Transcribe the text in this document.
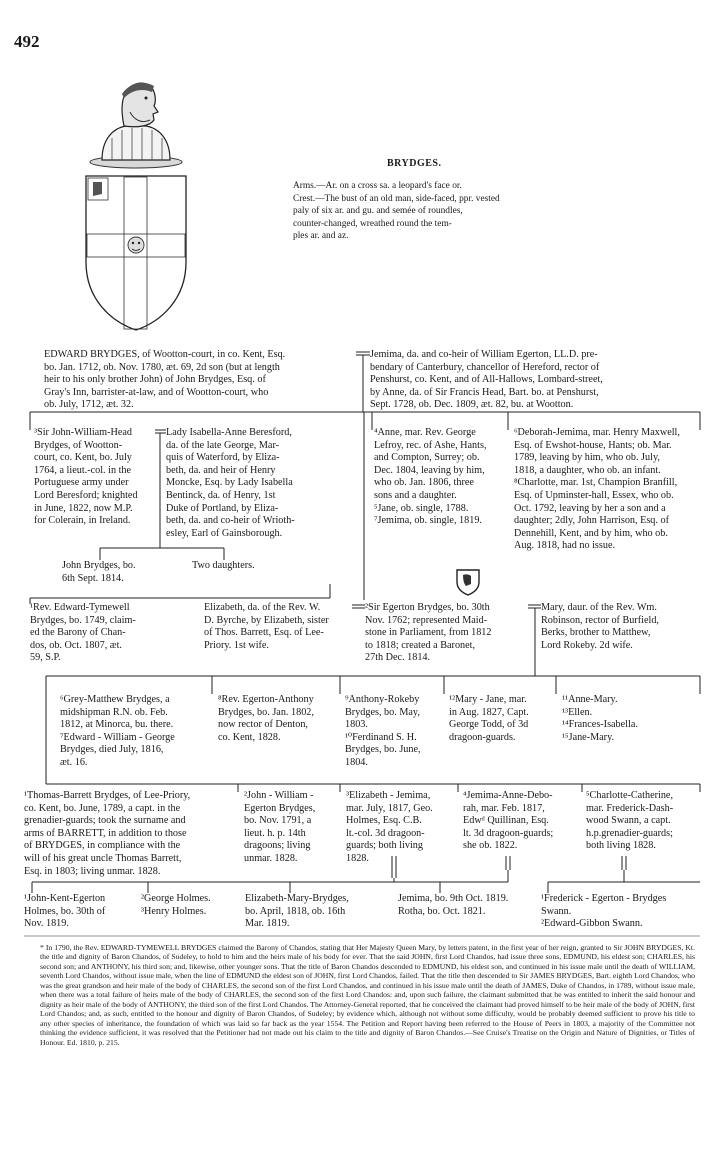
492
BRYDGES.
Arms.—Ar. on a cross sa. a leopard's face or.
Crest.—The bust of an old man, side-faced, ppr. vested
paly of six ar. and gu. and semée of roundles,
counter-changed, wreathed round the tem-
ples ar. and az.
EDWARD BRYDGES, of Wootton-court, in co. Kent, Esq.
bo. Jan. 1712, ob. Nov. 1780, æt. 69, 2d son (but at length
heir to his only brother John) of John Brydges, Esq. of
Gray's Inn, barrister-at-law, and of Wootton-court, who
ob. July, 1712, æt. 32.
Jemima, da. and co-heir of William Egerton, LL.D. pre-
bendary of Canterbury, chancellor of Hereford, rector of
Penshurst, co. Kent, and of All-Hallows, Lombard-street,
by Anne, da. of Sir Francis Head, Bart. bo. at Penshurst,
Sept. 1728, ob. Dec. 1809, æt. 82, bu. at Wootton.
³Sir John-William-Head
Brydges, of Wootton-
court, co. Kent, bo. July
1764, a lieut.-col. in the
Portuguese army under
Lord Beresford; knighted
in June, 1822, now M.P.
for Colerain, in Ireland.
Lady Isabella-Anne Beresford,
da. of the late George, Mar-
quis of Waterford, by Eliza-
beth, da. and heir of Henry
Moncke, Esq. by Lady Isabella
Bentinck, da. of Henry, 1st
Duke of Portland, by Eliza-
beth, da. and co-heir of Wrioth-
esley, Earl of Gainsborough.
⁴Anne, mar. Rev. George
Lefroy, rec. of Ashe, Hants,
and Compton, Surrey; ob.
Dec. 1804, leaving by him,
who ob. Jan. 1806, three
sons and a daughter.
⁵Jane, ob. single, 1788.
⁷Jemima, ob. single, 1819.
⁶Deborah-Jemima, mar. Henry Maxwell,
Esq. of Ewshot-house, Hants; ob. Mar.
1789, leaving by him, who ob. July,
1818, a daughter, who ob. an infant.
⁸Charlotte, mar. 1st, Champion Branfill,
Esq. of Upminster-hall, Essex, who ob.
Oct. 1792, leaving by her a son and a
daughter; 2dly, John Harrison, Esq. of
Dennehill, Kent, and by him, who ob.
Aug. 1818, had no issue.
John Brydges, bo.
6th Sept. 1814.
Two daughters.
¹Rev. Edward-Tymewell
Brydges, bo. 1749, claim-
ed the Barony of Chan-
dos, ob. Oct. 1807, æt.
59, S.P.
Elizabeth, da. of the Rev. W.
D. Byrche, by Elizabeth, sister
of Thos. Barrett, Esq. of Lee-
Priory. 1st wife.
²Sir Egerton Brydges, bo. 30th
Nov. 1762; represented Maid-
stone in Parliament, from 1812
to 1818; created a Baronet,
27th Dec. 1814.
Mary, daur. of the Rev. Wm.
Robinson, rector of Burfield,
Berks, brother to Matthew,
Lord Rokeby. 2d wife.
⁶Grey-Matthew Brydges, a
midshipman R.N. ob. Feb.
1812, at Minorca, bu. there.
⁷Edward - William - George
Brydges, died July, 1816,
æt. 16.
⁸Rev. Egerton-Anthony
Brydges, bo. Jan. 1802,
now rector of Denton,
co. Kent, 1828.
⁹Anthony-Rokeby
Brydges, bo. May,
1803.
¹⁰Ferdinand S. H.
Brydges, bo. June,
1804.
¹²Mary - Jane, mar.
in Aug. 1827, Capt.
George Todd, of 3d
dragoon-guards.
¹¹Anne-Mary.
¹³Ellen.
¹⁴Frances-Isabella.
¹⁵Jane-Mary.
¹Thomas-Barrett Brydges, of Lee-Priory,
co. Kent, bo. June, 1789, a capt. in the
grenadier-guards; took the surname and
arms of BARRETT, in addition to those
of BRYDGES, in compliance with the
will of his great uncle Thomas Barrett,
Esq. in 1803; living unmar. 1828.
²John - William -
Egerton Brydges,
bo. Nov. 1791, a
lieut. h. p. 14th
dragoons; living
unmar. 1828.
³Elizabeth - Jemima,
mar. July, 1817, Geo.
Holmes, Esq. C.B.
lt.-col. 3d dragoon-
guards; both living
1828.
⁴Jemima-Anne-Debo-
rah, mar. Feb. 1817,
Edwᵈ Quillinan, Esq.
lt. 3d dragoon-guards;
she ob. 1822.
⁵Charlotte-Catherine,
mar. Frederick-Dash-
wood Swann, a capt.
h.p.grenadier-guards;
both living 1828.
¹John-Kent-Egerton
Holmes, bo. 30th of
Nov. 1819.
²George Holmes.
³Henry Holmes.
Elizabeth-Mary-Brydges,
bo. April, 1818, ob. 16th
Mar. 1819.
Jemima, bo. 9th Oct. 1819.
Rotha, bo. Oct. 1821.
¹Frederick - Egerton - Brydges
Swann.
²Edward-Gibbon Swann.
* In 1790, the Rev. EDWARD-TYMEWELL BRYDGES claimed the Barony of Chandos, stating that Her Majesty Queen Mary, by letters patent, in the first year of her reign, granted to Sir JOHN BRYDGES, Kt. the title and dignity of Baron Chandos, of Sudeley, to hold to him and the heirs male of his body for ever. That the said JOHN, first Lord Chandos, had issue three sons, EDMUND, his eldest son; CHARLES, his second son; and ANTHONY, his third son; and, likewise, other younger sons. That the title of Baron Chandos descended to EDMUND, his eldest son, and continued in his issue male until the death of WILLIAM, seventh Lord Chandos, without issue male, when the line of EDMUND the eldest son of JOHN, first Lord Chandos, failed. That the title then descended to Sir JAMES BRYDGES, Bart. eighth Lord Chandos, who was the great grandson and heir male of the body of CHARLES, the second son of the first Lord Chandos, and continued in his issue male until the death of JAMES, Duke of Chandos, in 1789, without issue male, when there was a total failure of heirs male of the body of CHARLES, the second son of the first Lord Chandos: and, upon such failure, the claimant submitted that he was entitled to inherit the said honour and dignity as heir male of the body of ANTHONY, the third son of the first Lord Chandos. The Attorney-General reported, that he conceived the claimant had proved himself to be heir male of the body of JOHN, first Lord Chandos; and, as such, entitled to the honour and dignity of Baron Chandos, of Sudeley; by evidence which, although not without some difficulty, would be probably deemed sufficient to prove his title to any other species of inheritance, the foundation of which was laid so far back as the year 1554. The Petition and Report having been referred to the House of Peers in 1803, a majority of the Committee not thinking the evidence sufficient, it was resolved that the Petitioner had not made out his claim to the title and dignity of Baron Chandos.—See Cruise's Treatise on the Origin and Nature of Dignities, or Titles of Honour. Ed. 1810, p. 215.
